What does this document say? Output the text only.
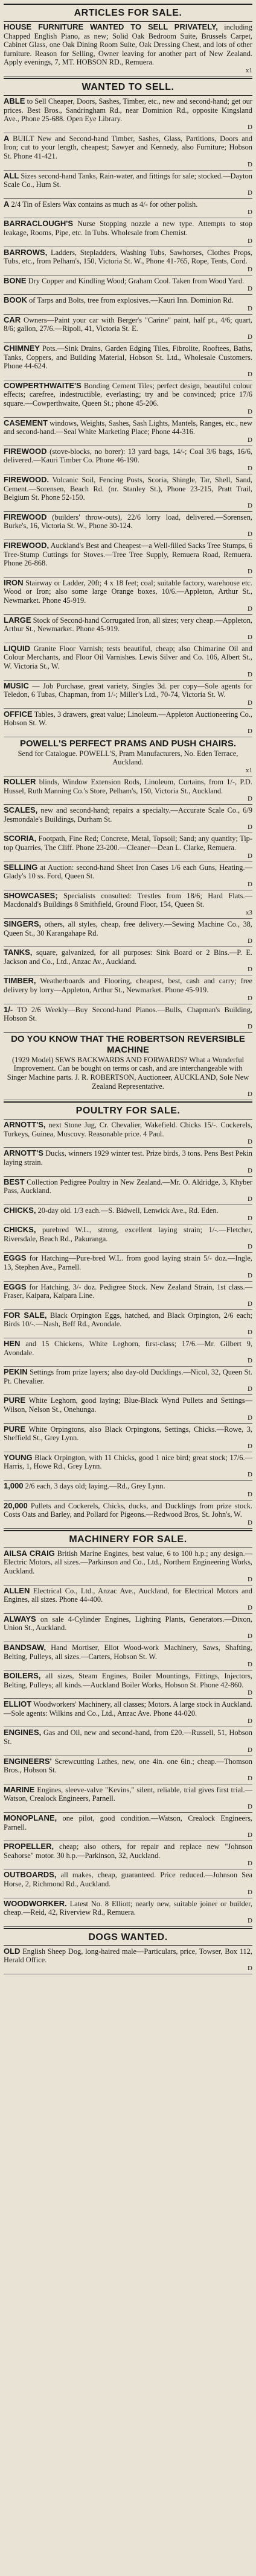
ARTICLES FOR SALE.
HOUSE FURNITURE WANTED TO SELL PRIVATELY, including Chapped English Piano, as new; Solid Oak Bedroom Suite, Brussels Carpet, Cabinet Glass, one Oak Dining Room Suite, Oak Dressing Chest, and lots of other furniture. Reason for Selling, Owner leaving for another part of New Zealand. Apply evenings, 7, MT. HOBSON RD., Remuera.
x1
WANTED TO SELL.
ABLE to Sell Cheaper, Doors, Sashes, Timber, etc., new and second-hand; get our prices. Best Bros., Sandringham Rd., near Dominion Rd., opposite Kingsland Ave., Phone 25-688. Open Eye Library.
D
A BUILT New and Second-hand Timber, Sashes, Glass, Partitions, Doors and Iron; cut to your length, cheapest; Sawyer and Kennedy, also Furniture; Hobson St. Phone 41-421.
D
ALL Sizes second-hand Tanks, Rain-water, and fittings for sale; stocked.—Dayton Scale Co., Hum St.
D
A 2/4 Tin of Eslers Wax contains as much as 4/- for other polish.
D
BARRACLOUGH'S Nurse Stopping nozzle a new type. Attempts to stop leakage, Rooms, Pipe, etc. In Tubs. Wholesale from Chemist.
D
BARROWS, Ladders, Stepladders, Washing Tubs, Sawhorses, Clothes Props, Tubs, etc., from Pelham's, 150, Victoria St. W., Phone 41-765, Rope, Tents, Cord.
D
BONE Dry Copper and Kindling Wood; Graham Cool. Taken from Wood Yard.
D
BOOK of Tarps and Bolts, tree from explosives.—Kauri Inn. Dominion Rd.
D
CAR Owners—Paint your car with Berger's "Carine" paint, half pt., 4/6; quart, 8/6; gallon, 27/6.—Ripoli, 41, Victoria St. E.
D
CHIMNEY Pots.—Sink Drains, Garden Edging Tiles, Fibrolite, Rooftees, Baths, Tanks, Coppers, and Building Material, Hobson St. Ltd., Wholesale Customers. Phone 44-624.
D
COWPERTHWAITE'S Bonding Cement Tiles; perfect design, beautiful colour effects; carefree, indestructible, everlasting; try and be convinced; price 17/6 square.—Cowperthwaite, Queen St.; phone 45-206.
D
CASEMENT windows, Weights, Sashes, Sash Lights, Mantels, Ranges, etc., new and second-hand.—Seal White Marketing Place; Phone 44-316.
D
FIREWOOD (stove-blocks, no borer): 13 yard bags, 14/-; Coal 3/6 bags, 16/6, delivered.—Kauri Timber Co. Phone 46-190.
D
FIREWOOD. Volcanic Soil, Fencing Posts, Scoria, Shingle, Tar, Shell, Sand, Cement.—Sorensen, Beach Rd. (nr. Stanley St.), Phone 23-215, Pratt Trail, Belgium St. Phone 52-150.
D
FIREWOOD (builders' throw-outs), 22/6 lorry load, delivered.—Sorensen, Burke's, 16, Victoria St. W., Phone 30-124.
D
FIREWOOD, Auckland's Best and Cheapest—a Well-filled Sacks Tree Stumps, 6 Tree-Stump Cuttings for Stoves.—Tree Tree Supply, Remuera Road, Remuera. Phone 26-868.
D
IRON Stairway or Ladder, 20ft; 4 x 18 feet; coal; suitable factory, warehouse etc. Wood or Iron; also some large Orange boxes, 10/6.—Appleton, Arthur St., Newmarket. Phone 45-919.
D
LARGE Stock of Second-hand Corrugated Iron, all sizes; very cheap.—Appleton, Arthur St., Newmarket. Phone 45-919.
D
LIQUID Granite Floor Varnish; tests beautiful, cheap; also Chimarine Oil and Colour Merchants, and Floor Oil Varnishes. Lewis Silver and Co. 106, Albert St., W. Victoria St., W.
D
MUSIC — Job Purchase, great variety, Singles 3d. per copy—Sole agents for Teledon, 6 Tubas, Chapman, from 1/-; Miller's Ltd., 70-74, Victoria St. W.
D
OFFICE Tables, 3 drawers, great value; Linoleum.—Appleton Auctioneering Co., Hobson St. W.
D
POWELL'S PERFECT PRAMS AND PUSH CHAIRS.
Send for Catalogue. POWELL'S, Pram Manufacturers, No. Eden Terrace, Auckland.
x1
ROLLER blinds, Window Extension Rods, Linoleum, Curtains, from 1/-, P.D. Hussel, Ruth Manning Co.'s Store, Pelham's, 150, Victoria St., Auckland.
D
SCALES, new and second-hand; repairs a specialty.—Accurate Scale Co., 6/9 Jesmondale's Buildings, Durham St.
D
SCORIA, Footpath, Fine Red; Concrete, Metal, Topsoil; Sand; any quantity; Tip-top Quarries, The Cliff. Phone 23-200.—Cleaner—Dean L. Clarke, Remuera.
D
SELLING at Auction: second-hand Sheet Iron Cases 1/6 each Guns, Heating.—Glady's 10 ss. Ford, Queen St.
D
SHOWCASES; Specialists consulted: Trestles from 18/6; Hard Flats.—Macdonald's Buildings 8 Smithfield, Ground Floor, 154, Queen St.
x3
SINGERS, others, all styles, cheap, free delivery.—Sewing Machine Co., 38, Queen St., 30 Karangahape Rd.
D
TANKS, square, galvanized, for all purposes: Sink Board or 2 Bins.—P. E. Jackson and Co., Ltd., Anzac Av., Auckland.
D
TIMBER, Weatherboards and Flooring, cheapest, best, cash and carry; free delivery by lorry—Appleton, Arthur St., Newmarket. Phone 45-919.
D
1/- TO 2/6 Weekly—Buy Second-hand Pianos.—Bulls, Chapman's Building, Hobson St.
D
DO YOU KNOW THAT THE ROBERTSON REVERSIBLE MACHINE
(1929 Model) SEWS BACKWARDS AND FORWARDS? What a Wonderful Improvement. Can be bought on terms or cash, and are interchangeable with Singer Machine parts. J. R. ROBERTSON, Auctioneer, AUCKLAND, Sole New Zealand Representative.
D
POULTRY FOR SALE.
ARNOTT'S, next Stone Jug, Cr. Chevalier, Wakefield. Chicks 15/-. Cockerels, Turkeys, Guinea, Muscovy. Reasonable price. 4 Paul.
D
ARNOTT'S Ducks, winners 1929 winter test. Prize birds, 3 tons. Pens Best Pekin laying strain.
D
BEST Collection Pedigree Poultry in New Zealand.—Mr. O. Aldridge, 3, Khyber Pass, Auckland.
D
CHICKS, 20-day old. 1/3 each.—S. Bidwell, Lenwick Ave., Rd. Eden.
D
CHICKS, purebred W.L., strong, excellent laying strain; 1/-.—Fletcher, Riversdale, Beach Rd., Pakuranga.
D
EGGS for Hatching—Pure-bred W.L. from good laying strain 5/- doz.—Ingle, 13, Stephen Ave., Parnell.
D
EGGS for Hatching, 3/- doz. Pedigree Stock. New Zealand Strain, 1st class.—Fraser, Kaipara, Kaipara Line.
D
FOR SALE, Black Orpington Eggs, hatched, and Black Orpington, 2/6 each; Birds 10/-.—Nash, Beff Rd., Avondale.
D
HEN and 15 Chickens, White Leghorn, first-class; 17/6.—Mr. Gilbert 9, Avondale.
D
PEKIN Settings from prize layers; also day-old Ducklings.—Nicol, 32, Queen St. Pt. Chevalier.
D
PURE White Leghorn, good laying; Blue-Black Wynd Pullets and Settings—Wilson, Nelson St., Onehunga.
D
PURE White Orpingtons, also Black Orpingtons, Settings, Chicks.—Rowe, 3, Sheffield St., Grey Lynn.
D
YOUNG Black Orpington, with 11 Chicks, good 1 nice bird; great stock; 17/6.—Harris, 1, Howe Rd., Grey Lynn.
D
1,000 2/6 each, 3 days old; laying.—Rd., Grey Lynn.
D
20,000 Pullets and Cockerels, Chicks, ducks, and Ducklings from prize stock. Costs Oats and Barley, and Pollard for Pigeons.—Redwood Bros, St. John's, W.
D
MACHINERY FOR SALE.
AILSA CRAIG British Marine Engines, best value, 6 to 100 h.p.; any design.—Electric Motors, all sizes.—Parkinson and Co., Ltd., Northern Engineering Works, Auckland.
D
ALLEN Electrical Co., Ltd., Anzac Ave., Auckland, for Electrical Motors and Engines, all sizes. Phone 44-400.
D
ALWAYS on sale 4-Cylinder Engines, Lighting Plants, Generators.—Dixon, Union St., Auckland.
D
BANDSAW, Hand Mortiser, Eliot Wood-work Machinery, Saws, Shafting, Belting, Pulleys, all sizes.—Carters, Hobson St. W.
D
BOILERS, all sizes, Steam Engines, Boiler Mountings, Fittings, Injectors, Belting, Pulleys; all kinds.—Auckland Boiler Works, Hobson St. Phone 42-860.
D
ELLIOT Woodworkers' Machinery, all classes; Motors. A large stock in Auckland.—Sole agents: Wilkins and Co., Ltd., Anzac Ave. Phone 44-020.
D
ENGINES, Gas and Oil, new and second-hand, from £20.—Russell, 51, Hobson St.
D
ENGINEERS' Screwcutting Lathes, new, one 4in. one 6in.; cheap.—Thomson Bros., Hobson St.
D
MARINE Engines, sleeve-valve "Kevins," silent, reliable, trial gives first trial.—Watson, Crealock Engineers, Parnell.
D
MONOPLANE, one pilot, good condition.—Watson, Crealock Engineers, Parnell.
D
PROPELLER, cheap; also others, for repair and replace new "Johnson Seahorse" motor. 30 h.p.—Parkinson, 32, Auckland.
D
OUTBOARDS, all makes, cheap, guaranteed. Price reduced.—Johnson Sea Horse, 2, Richmond Rd., Auckland.
D
WOODWORKER. Latest No. 8 Elliott; nearly new, suitable joiner or builder, cheap.—Reid, 42, Riverview Rd., Remuera.
D
DOGS WANTED.
OLD English Sheep Dog, long-haired male—Particulars, price, Towser, Box 112, Herald Office.
D
